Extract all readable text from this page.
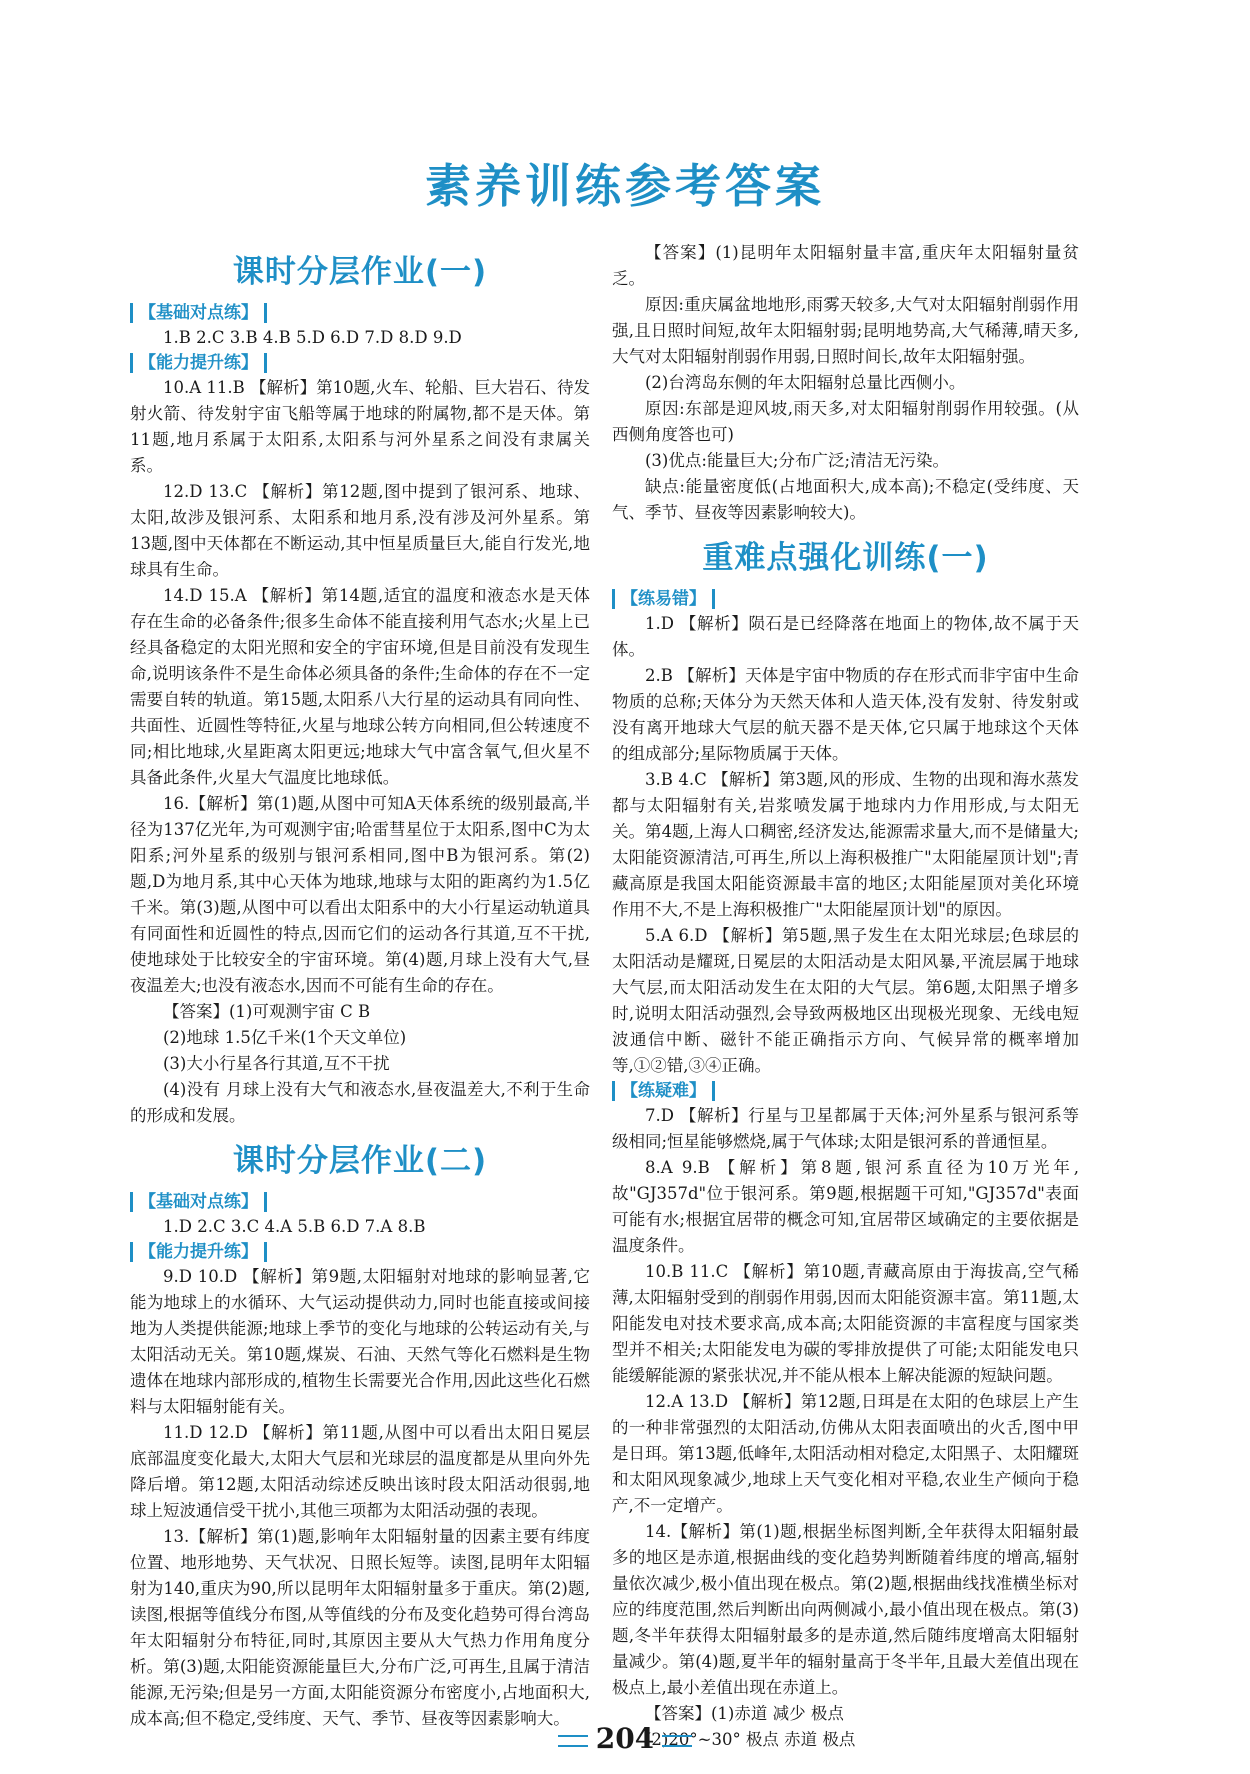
素养训练参考答案
课时分层作业(一)
【基础对点练】

1.B 2.C 3.B 4.B 5.D 6.D 7.D 8.D 9.D

【能力提升练】

10.A 11.B 【解析】第10题,火车、轮船、巨大岩石、待发射火箭、待发射宇宙飞船等属于地球的附属物,都不是天体。第11题,地月系属于太阳系,太阳系与河外星系之间没有隶属关系。

12.D 13.C 【解析】第12题,图中提到了银河系、地球、太阳,故涉及银河系、太阳系和地月系,没有涉及河外星系。第13题,图中天体都在不断运动,其中恒星质量巨大,能自行发光,地球具有生命。

14.D 15.A 【解析】第14题,适宜的温度和液态水是天体存在生命的必备条件;很多生命体不能直接利用气态水;火星上已经具备稳定的太阳光照和安全的宇宙环境,但是目前没有发现生命,说明该条件不是生命体必须具备的条件;生命体的存在不一定需要自转的轨道。第15题,太阳系八大行星的运动具有同向性、共面性、近圆性等特征,火星与地球公转方向相同,但公转速度不同;相比地球,火星距离太阳更远;地球大气中富含氧气,但火星不具备此条件,火星大气温度比地球低。

16.【解析】第(1)题,从图中可知A天体系统的级别最高,半径为137亿光年,为可观测宇宙;哈雷彗星位于太阳系,图中C为太阳系;河外星系的级别与银河系相同,图中B为银河系。第(2)题,D为地月系,其中心天体为地球,地球与太阳的距离约为1.5亿千米。第(3)题,从图中可以看出太阳系中的大小行星运动轨道具有同面性和近圆性的特点,因而它们的运动各行其道,互不干扰,使地球处于比较安全的宇宙环境。第(4)题,月球上没有大气,昼夜温差大;也没有液态水,因而不可能有生命的存在。

【答案】(1)可观测宇宙 C B

(2)地球 1.5亿千米(1个天文单位)

(3)大小行星各行其道,互不干扰

(4)没有 月球上没有大气和液态水,昼夜温差大,不利于生命的形成和发展。

课时分层作业(二)
【基础对点练】

1.D 2.C 3.C 4.A 5.B 6.D 7.A 8.B

【能力提升练】

9.D 10.D 【解析】第9题,太阳辐射对地球的影响显著,它能为地球上的水循环、大气运动提供动力,同时也能直接或间接地为人类提供能源;地球上季节的变化与地球的公转运动有关,与太阳活动无关。第10题,煤炭、石油、天然气等化石燃料是生物遗体在地球内部形成的,植物生长需要光合作用,因此这些化石燃料与太阳辐射能有关。

11.D 12.D 【解析】第11题,从图中可以看出太阳日冕层底部温度变化最大,太阳大气层和光球层的温度都是从里向外先降后增。第12题,太阳活动综述反映出该时段太阳活动很弱,地球上短波通信受干扰小,其他三项都为太阳活动强的表现。

13.【解析】第(1)题,影响年太阳辐射量的因素主要有纬度位置、地形地势、天气状况、日照长短等。读图,昆明年太阳辐射为140,重庆为90,所以昆明年太阳辐射量多于重庆。第(2)题,读图,根据等值线分布图,从等值线的分布及变化趋势可得台湾岛年太阳辐射分布特征,同时,其原因主要从大气热力作用角度分析。第(3)题,太阳能资源能量巨大,分布广泛,可再生,且属于清洁能源,无污染;但是另一方面,太阳能资源分布密度小,占地面积大,成本高;但不稳定,受纬度、天气、季节、昼夜等因素影响大。

【答案】(1)昆明年太阳辐射量丰富,重庆年太阳辐射量贫乏。

原因:重庆属盆地地形,雨雾天较多,大气对太阳辐射削弱作用强,且日照时间短,故年太阳辐射弱;昆明地势高,大气稀薄,晴天多,大气对太阳辐射削弱作用弱,日照时间长,故年太阳辐射强。

(2)台湾岛东侧的年太阳辐射总量比西侧小。

原因:东部是迎风坡,雨天多,对太阳辐射削弱作用较强。(从西侧角度答也可)

(3)优点:能量巨大;分布广泛;清洁无污染。

缺点:能量密度低(占地面积大,成本高);不稳定(受纬度、天气、季节、昼夜等因素影响较大)。

重难点强化训练(一)
【练易错】

1.D 【解析】陨石是已经降落在地面上的物体,故不属于天体。

2.B 【解析】天体是宇宙中物质的存在形式而非宇宙中生命物质的总称;天体分为天然天体和人造天体,没有发射、待发射或没有离开地球大气层的航天器不是天体,它只属于地球这个天体的组成部分;星际物质属于天体。

3.B 4.C 【解析】第3题,风的形成、生物的出现和海水蒸发都与太阳辐射有关,岩浆喷发属于地球内力作用形成,与太阳无关。第4题,上海人口稠密,经济发达,能源需求量大,而不是储量大;太阳能资源清洁,可再生,所以上海积极推广"太阳能屋顶计划";青藏高原是我国太阳能资源最丰富的地区;太阳能屋顶对美化环境作用不大,不是上海积极推广"太阳能屋顶计划"的原因。

5.A 6.D 【解析】第5题,黑子发生在太阳光球层;色球层的太阳活动是耀斑,日冕层的太阳活动是太阳风暴,平流层属于地球大气层,而太阳活动发生在太阳的大气层。第6题,太阳黑子增多时,说明太阳活动强烈,会导致两极地区出现极光现象、无线电短波通信中断、磁针不能正确指示方向、气候异常的概率增加等,①②错,③④正确。

【练疑难】

7.D 【解析】行星与卫星都属于天体;河外星系与银河系等级相同;恒星能够燃烧,属于气体球;太阳是银河系的普通恒星。

8.A 9.B 【解析】第8题,银河系直径为10万光年,故"GJ357d"位于银河系。第9题,根据题干可知,"GJ357d"表面可能有水;根据宜居带的概念可知,宜居带区域确定的主要依据是温度条件。

10.B 11.C 【解析】第10题,青藏高原由于海拔高,空气稀薄,太阳辐射受到的削弱作用弱,因而太阳能资源丰富。第11题,太阳能发电对技术要求高,成本高;太阳能资源的丰富程度与国家类型并不相关;太阳能发电为碳的零排放提供了可能;太阳能发电只能缓解能源的紧张状况,并不能从根本上解决能源的短缺问题。

12.A 13.D 【解析】第12题,日珥是在太阳的色球层上产生的一种非常强烈的太阳活动,仿佛从太阳表面喷出的火舌,图中甲是日珥。第13题,低峰年,太阳活动相对稳定,太阳黑子、太阳耀斑和太阳风现象减少,地球上天气变化相对平稳,农业生产倾向于稳产,不一定增产。

14.【解析】第(1)题,根据坐标图判断,全年获得太阳辐射最多的地区是赤道,根据曲线的变化趋势判断随着纬度的增高,辐射量依次减少,极小值出现在极点。第(2)题,根据曲线找准横坐标对应的纬度范围,然后判断出向两侧减小,最小值出现在极点。第(3)题,冬半年获得太阳辐射最多的是赤道,然后随纬度增高太阳辐射量减少。第(4)题,夏半年的辐射量高于冬半年,且最大差值出现在极点上,最小差值出现在赤道上。

【答案】(1)赤道 减少 极点

(2)20°~30° 极点 赤道 极点

204
